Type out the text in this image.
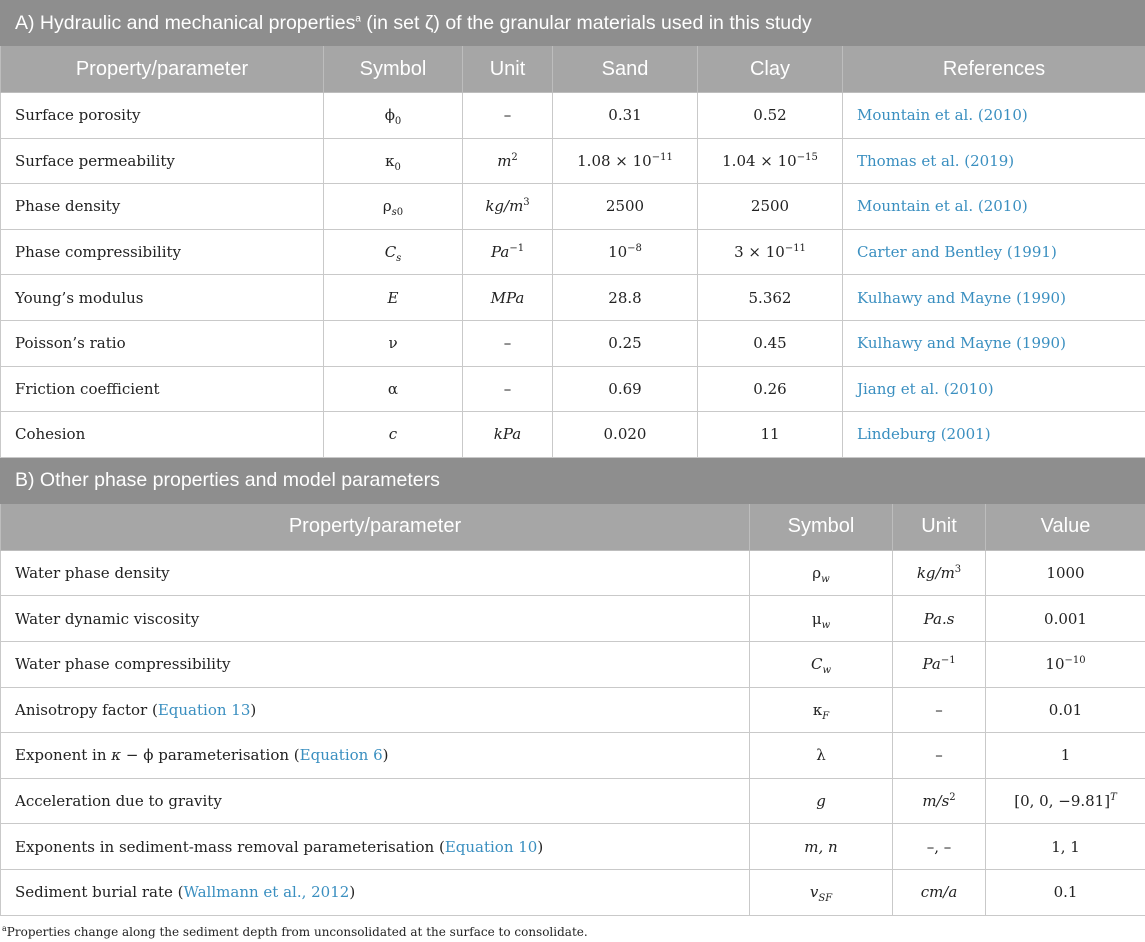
A) Hydraulic and mechanical properties$^a$ (in set ζ) of the granular materials used in this study					
Property/parameter	Symbol	Unit	Sand	Clay	References
Surface porosity	$\phi_0$	–	0.31	0.52	Mountain et al. (2010)
Surface permeability	$\kappa_0$	$m^2$	$1.08 \times 10^{-11}$	$1.04 \times 10^{-15}$	Thomas et al. (2019)
Phase density	$\rho_{s0}$	$kg/m^3$	2500	2500	Mountain et al. (2010)
Phase compressibility	$C_s$	$Pa^{-1}$	$10^{-8}$	$3 \times 10^{-11}$	Carter and Bentley (1991)
Young’s modulus	E	MPa	28.8	5.362	Kulhawy and Mayne (1990)
Poisson’s ratio	ν	–	0.25	0.45	Kulhawy and Mayne (1990)
Friction coefficient	α	–	0.69	0.26	Jiang et al. (2010)
Cohesion	c	kPa	0.020	11	Lindeburg (2001)
B) Other phase properties and model parameters			
Property/parameter	Symbol	Unit	Value
Water phase density	$\rho_w$	$kg/m^3$	1000
Water dynamic viscosity	$\mu_w$	Pa.s	0.001
Water phase compressibility	$C_w$	$Pa^{-1}$	$10^{-10}$
Anisotropy factor (Equation 13)	$\kappa_F$	–	0.01
Exponent in κ − ϕ parameterisation (Equation 6)	λ	–	1
Acceleration due to gravity	g	$m/s^2$	[0, 0, −9.81]$^T$
Exponents in sediment-mass removal parameterisation (Equation 10)	m, n	–, –	1, 1
Sediment burial rate (Wallmann et al., 2012)	$v_{SF}$	cm/a	0.1
$^a$Properties change along the sediment depth from unconsolidated at the surface to consolidate.
